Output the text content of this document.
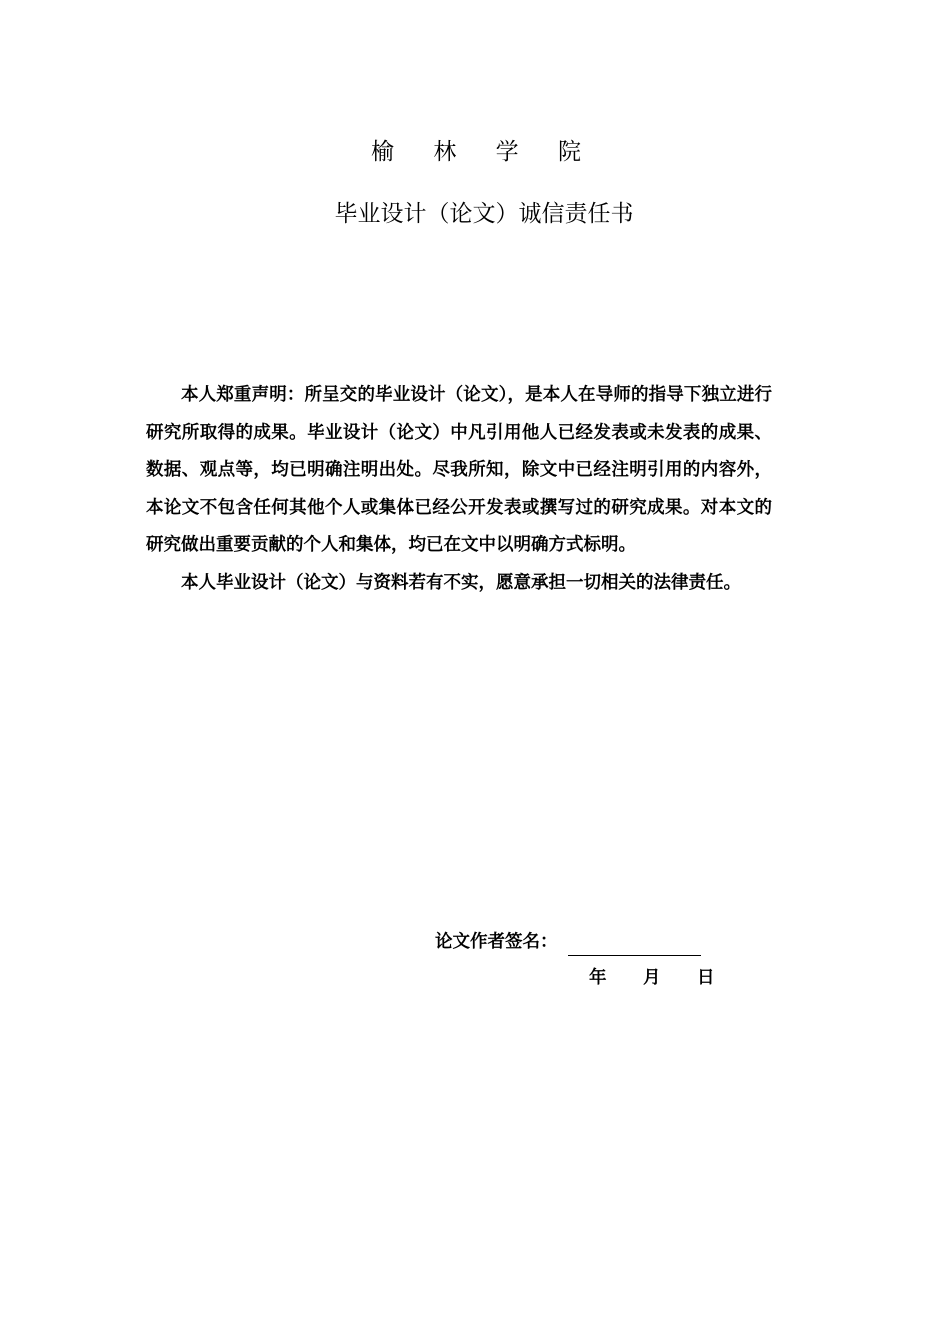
榆 林 学 院
毕业设计（论文）诚信责任书

本人郑重声明：所呈交的毕业设计（论文），是本人在导师的指导下独立进行研究所取得的成果。毕业设计（论文）中凡引用他人已经发表或未发表的成果、数据、观点等，均已明确注明出处。尽我所知，除文中已经注明引用的内容外，本论文不包含任何其他个人或集体已经公开发表或撰写过的研究成果。对本文的研究做出重要贡献的个人和集体，均已在文中以明确方式标明。

本人毕业设计（论文）与资料若有不实，愿意承担一切相关的法律责任。

论文作者签名：
年 月 日
